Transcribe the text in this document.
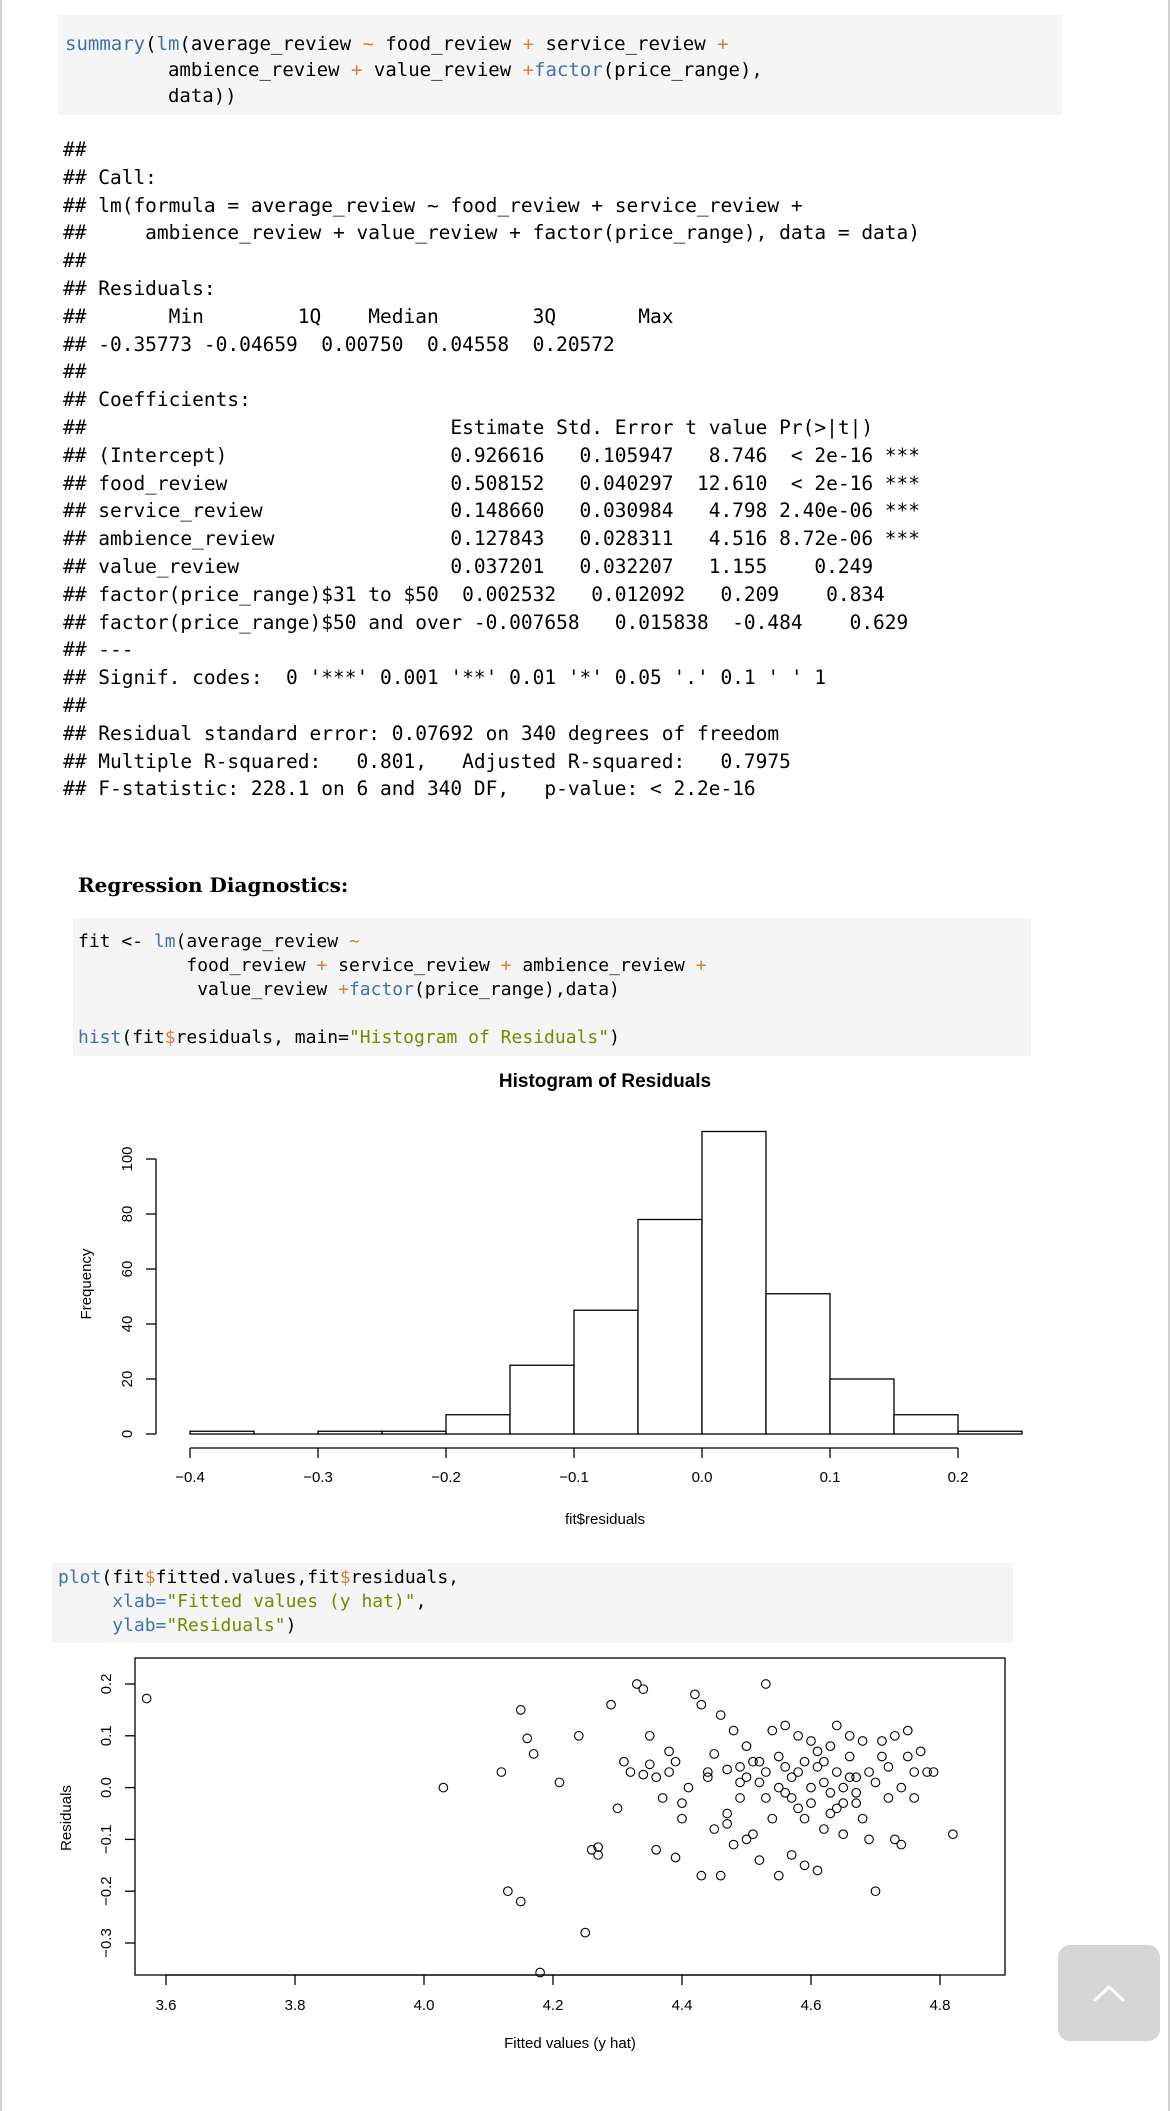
summary(lm(average_review ~ food_review + service_review +
ambience_review + value_review +factor(price_range),
data))
##
## Call:
## lm(formula = average_review ~ food_review + service_review +
##     ambience_review + value_review + factor(price_range), data = data)
##
## Residuals:
##       Min        1Q    Median        3Q       Max
## -0.35773 -0.04659  0.00750  0.04558  0.20572
##
## Coefficients:
##                               Estimate Std. Error t value Pr(>|t|)
## (Intercept)                   0.926616   0.105947   8.746  < 2e-16 ***
## food_review                   0.508152   0.040297  12.610  < 2e-16 ***
## service_review                0.148660   0.030984   4.798 2.40e-06 ***
## ambience_review               0.127843   0.028311   4.516 8.72e-06 ***
## value_review                  0.037201   0.032207   1.155    0.249
## factor(price_range)$31 to $50  0.002532   0.012092   0.209    0.834
## factor(price_range)$50 and over -0.007658   0.015838  -0.484    0.629
## ---
## Signif. codes:  0 '***' 0.001 '**' 0.01 '*' 0.05 '.' 0.1 ' ' 1
##
## Residual standard error: 0.07692 on 340 degrees of freedom
## Multiple R-squared:   0.801,   Adjusted R-squared:   0.7975
## F-statistic: 228.1 on 6 and 340 DF,   p-value: < 2.2e-16
Regression Diagnostics:
fit <- lm(average_review ~
food_review + service_review + ambience_review +
value_review +factor(price_range),data)

hist(fit$residuals, main="Histogram of Residuals")
Histogram of Residuals
Frequency
fit$residuals
−0.4	−0.3	−0.2	−0.1	0.0	0.1	0.2
0
20
40
60
80
100
plot(fit$fitted.values,fit$residuals,
xlab="Fitted values (y hat)",
ylab="Residuals")
Residuals
Fitted values (y hat)
3.6	3.8	4.0	4.2	4.4	4.6	4.8
−0.3
−0.2
−0.1
0.0
0.1
0.2
